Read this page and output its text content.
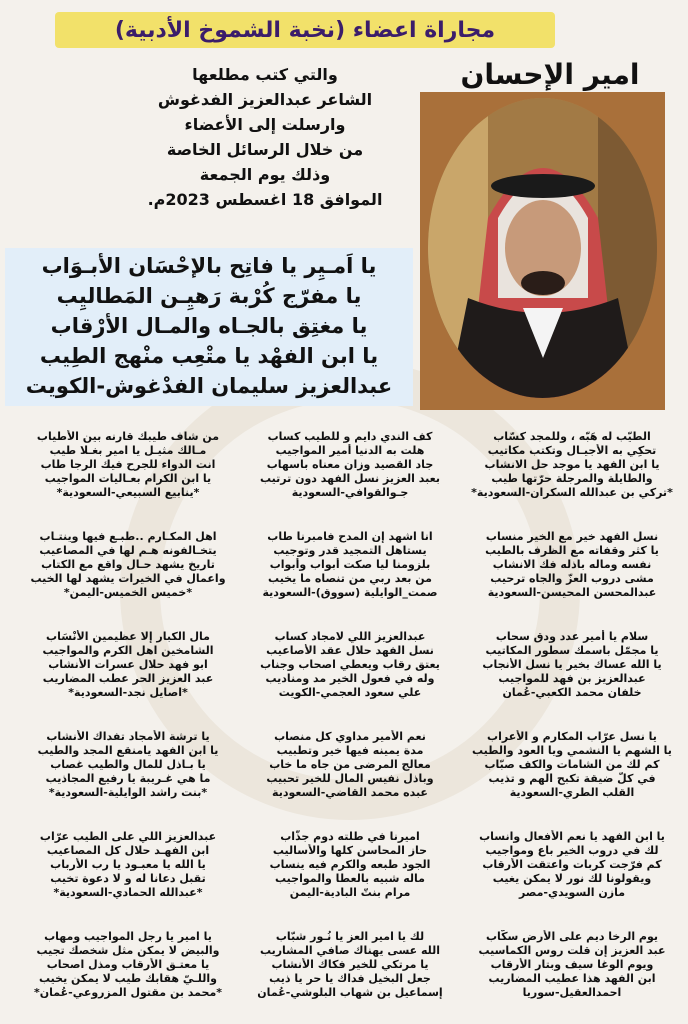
مجاراة اعضاء (نخبة الشموخ الأدبية)
امير الإحسان
والتي كتب مطلعها
الشاعر عبدالعزيز الفدغوش
وارسلت إلى الأعضاء
من خلال الرسائل الخاصة
وذلك يوم الجمعة
الموافق 18 اغسطس 2023م.
يا اَمـيِر يا فاتِح بالإحْسَان الأبـوَاب
يا مفرّج كُرْبة رَهيِـن المَطاليِب
يا مغتِق بالجـاه والمـال الأرْقاب
يا ابن الفهْد يا متْعِب منْهج الطِيب
عبدالعزيز سليمان الفدْغوش-الكويت
الطيّب له هَبّه ، وللمجد كسّاب
تحكِي به الأجيـال وتكتب مكاتيب
يا ابن الفهد يا موجد حل الانشاب
والطايلة والمرجلة حرّتها طيب
*تركي بن عبدالله السكران-السعودية*
نسل الفهد خير مع الخير منساب
يا كثر وقفاته مع الظرف بالطيب
نفسه وماله باذله فك الانشاب
مشى دروب العزّ والجاه ترحيب
عبدالمحسن المحيسن-السعودية
سلام يا أمير عدد ودق سحاب
يا مجمّل باسمك سطور المكاتيب
يا الله عساك بخير يا نسل الأنجاب
عبدالعزيز بن فهد للمواجيب
خلفان محمد الكعبي-عُمان
يا نسل عرّاب المكارم و الأعراب
يا الشهم يا النشمي ويا العود والطيب
كم لك من الشامات والكف صبّاب
في كلّ ضيقة تكبح الهم و تذيب
القلب الطري-السعودية
يا ابن الفهد يا نعم الأفعال وانساب
لك في دروب الخير باع ومواجيب
كم فرّجت كربات واعتقت الأرقاب
ويقولونا لك نور لا يمكن يغيب
مازن السويدي-مصر
يوم الرخا ديم على الأرض سكّاب
عبد العزيز إن قلت روس الكماسيب
ويوم الوغا سيف وبتار الأرقاب
ابن الفهد هذا عطيب المضاريب
احمدالعقيل-سوريا
كف الندي دايم و للطيب كساب
هلت به الدنيا أمير المواجيب
جاد القصيد وزان معناه باسهاب
بعبد العزيز نسل الفهد دون ترتيب
جـوالقوافي-السعودية
انا اشهد إن المدح فامبرنا طاب
يستاهل التمجيد قدر وتوجيب
بلزومنا ليا صكت أبواب وأبواب
من بعد ربي من تنصاه ما يخيب
صمت_الوايلية (سووق)-السعودية
عبدالعزيز اللي لامجاد كساب
نسل الفهد حلال عقد الأصاعيب
يعتق رقاب ويعطي اصحاب وجناب
وله في فعول الخير مد ومناديب
علي سعود العجمي-الكويت
نعم الأمير مداوي كل منصاب
مدة يمينه فيها خير وتطبيب
معالج المرضى من جاه ما خاب
وباذل نفيس المال للخير تحبيب
عبده محمد القاضي-السعودية
اميرنا في طلته دوم جذّاب
حاز المحاسن كلها والأساليب
الجود طبعه والكرم فيه ينساب
ماله شبيه بالعطا والمواجيب
مرام بنتّ البادية-اليمن
لك يا امير العز يا نُـور شبّاب
الله عسى يهناك صافي المشاريب
يا مرتكي للخير فكاك الأنشاب
جعل البخيل فداك يا حر يا ذيب
إسماعيل بن شهاب البلوشي-عُمان
من شاف طيبك قارنه بين الأطياب
مـالك مثيـل يا امير بغـلا طيب
انت الدواء للجرح فيك الرجا طاب
يا ابن الكرام بعـاليات المواجيب
*ينابيع السبيعي-السعودية*
اهل المكـارم ..طبـع فيها وينتـاب
يتخـالفونه هـم لها في المصاعيب
تاريخ يشهد حـال واقع مع الكتاب
واعمال في الخيرات يشهد لها الخيب
*خميس الخميس-اليمن*
مال الكبار إلا عظيمين الأنْسَاب
الشامخين اهل الكرم والمواجيب
ابو فهد حلال عسرات الأنشاب
عبد العزيز الحر عطب المضاريب
*اصايل نجد-السعودية*
يا ترشة الأمجاد تفداك الأنشاب
يا ابن الفهد يامنقع المجد والطيب
يا بـاذل للمال والطيب غصاب
ما هي غـريبة يا رفيع المجاذيب
*بنت راشد الوايلية-السعودية*
عبدالعزيز اللي على الطيب عرّاب
ابن الفهـد حلال كل المصاعيب
يا الله يا معبـود يا رب الأرباب
تقبل دعانا له و لا دعوة تخيب
*عبدالله الحمادي-السعودية*
يا امير يا رجل المواجيب ومهاب
والبيض لا يمكن مثل شخصك تجيب
يا معتـق الأرقاب ومذل اصحاب
واللـيّ هقابك طيب لا يمكن يخيب
*محمد بن مقتول المزروعي-عُمان*
